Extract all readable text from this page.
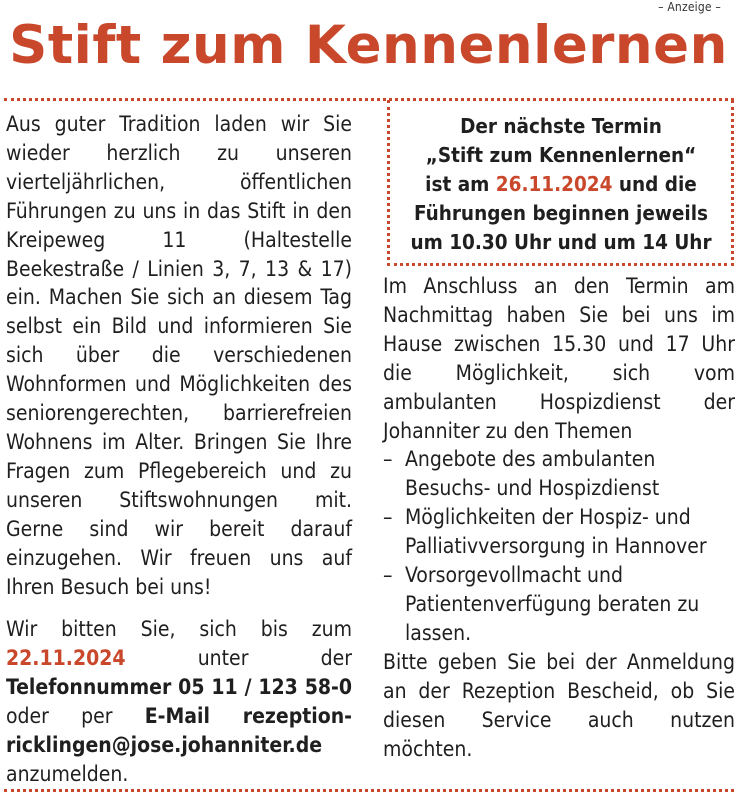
– Anzeige –
Stift zum Kennenlernen

Aus guter Tradition laden wir Sie wieder herzlich zu unseren vierteljährlichen, öffentlichen Führungen zu uns in das Stift in den Kreipeweg 11 (Haltestelle Beekestraße / Linien 3, 7, 13 & 17) ein. Machen Sie sich an diesem Tag selbst ein Bild und informieren Sie sich über die verschiedenen Wohnformen und Möglichkeiten des seniorengerechten, barrierefreien Wohnens im Alter. Bringen Sie Ihre Fragen zum Pflegebereich und zu unseren Stiftswohnungen mit. Gerne sind wir bereit darauf einzugehen. Wir freuen uns auf Ihren Besuch bei uns!

Wir bitten Sie, sich bis zum 22.11.2024	unter der Telefonnummer 05 11 / 123 58-0 oder per E-Mail rezeption-ricklingen@jose.johanniter.de anzumelden.

Der nächste Termin
„Stift zum Kennenlernen“
ist am 26.11.2024 und die
Führungen beginnen jeweils
um 10.30 Uhr und um 14 Uhr

Im Anschluss an den Termin am Nachmittag haben Sie bei uns im Hause zwischen 15.30 und 17 Uhr die Möglichkeit, sich vom ambulanten Hospizdienst der Johanniter zu den Themen

– Angebote des ambulanten Besuchs- und Hospizdienst
– Möglichkeiten der Hospiz- und Palliativversorgung in Hannover
– Vorsorgevollmacht und Patientenverfügung beraten zu lassen.

Bitte geben Sie bei der Anmeldung an der Rezeption Bescheid, ob Sie diesen Service auch nutzen möchten.
